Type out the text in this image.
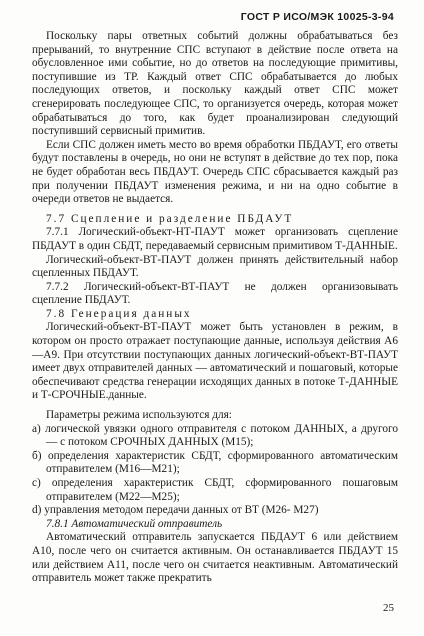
ГОСТ Р ИСО/МЭК 10025-3-94

Поскольку пары ответных событий должны обрабатываться без прерываний, то внутренние СПС вступают в действие после ответа на обусловленное ими событие, но до ответов на последующие примитивы, поступившие из ТР. Каждый ответ СПС обрабатывается до любых последующих ответов, и поскольку каждый ответ СПС может сгенерировать последующее СПС, то организуется очередь, которая может обрабатываться до того, как будет проанализирован следующий поступивший сервисный примитив.

Если СПС должен иметь место во время обработки ПБДАУТ, его ответы будут поставлены в очередь, но они не вступят в действие до тех пор, пока не будет обработан весь ПБДАУТ. Очередь СПС сбрасывается каждый раз при получении ПБДАУТ изменения режима, и ни на одно событие в очереди ответов не выдается.

7.7 Сцепление и разделение ПБДАУТ

7.7.1 Логический-объект-НТ-ПАУТ может организовать сцепление ПБДАУТ в один СБДТ, передаваемый сервисным примитивом Т-ДАННЫЕ.

Логический-объект-ВТ-ПАУТ должен принять действительный набор сцепленных ПБДАУТ.

7.7.2 Логический-объект-ВТ-ПАУТ не должен организовывать сцепление ПБДАУТ.

7.8 Генерация данных

Логический-объект-ВТ-ПАУТ может быть установлен в режим, в котором он просто отражает поступающие данные, используя действия А6—А9. При отсутствии поступающих данных логический-объект-ВТ-ПАУТ имеет двух отправителей данных — автоматический и пошаговый, которые обеспечивают средства генерации исходящих данных в потоке Т-ДАННЫЕ и Т-СРОЧНЫЕ.данные.

Параметры режима используются для:

а) логической увязки одного отправителя с потоком ДАННЫХ, а другого — с потоком СРОЧНЫХ ДАННЫХ (М15);
б) определения характеристик СБДТ, сформированного автоматическим отправителем (М16—М21);
с) определения характеристик СБДТ, сформированного пошаговым отправителем (М22—М25);
d) управления методом передачи данных от ВТ (М26- М27)

7.8.1 Автоматический отправитель

Автоматический отправитель запускается ПБДАУТ 6 или действием А10, после чего он считается активным. Он останавливается ПБДАУТ 15 или действием А11, после чего он считается неактивным. Автоматический отправитель может также прекратить

25
